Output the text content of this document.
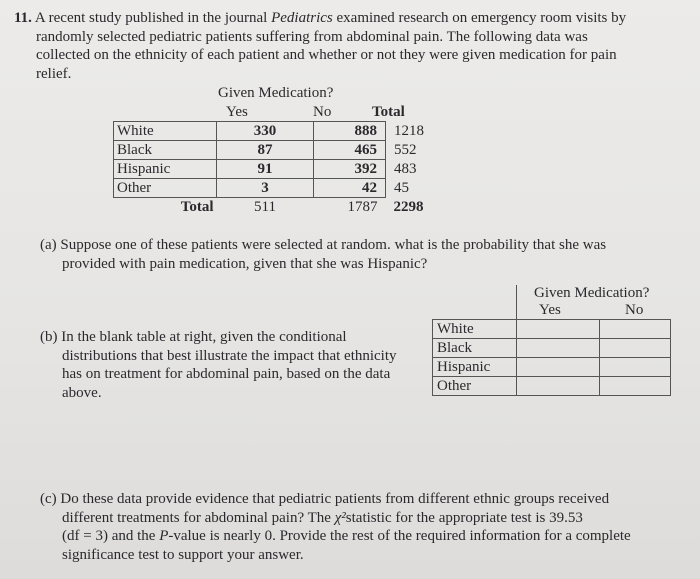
11. A recent study published in the journal Pediatrics examined research on emergency room visits by
randomly selected pediatric patients suffering from abdominal pain. The following data was
collected on the ethnicity of each patient and whether or not they were given medication for pain
relief.
Given Medication?
Yes	No	Total
White	330	888	1218
Black	87	465	552
Hispanic	91	392	483
Other	3	42	45
Total	511	1787	2298
(a) Suppose one of these patients were selected at random. what is the probability that she was
provided with pain medication, given that she was Hispanic?
Given Medication?
Yes	No
White		
Black		
Hispanic		
Other		
(b) In the blank table at right, given the conditional
distributions that best illustrate the impact that ethnicity
has on treatment for abdominal pain, based on the data
above.
(c) Do these data provide evidence that pediatric patients from different ethnic groups received
different treatments for abdominal pain? The χ²statistic for the appropriate test is 39.53
(df = 3) and the P-value is nearly 0. Provide the rest of the required information for a complete
significance test to support your answer.
